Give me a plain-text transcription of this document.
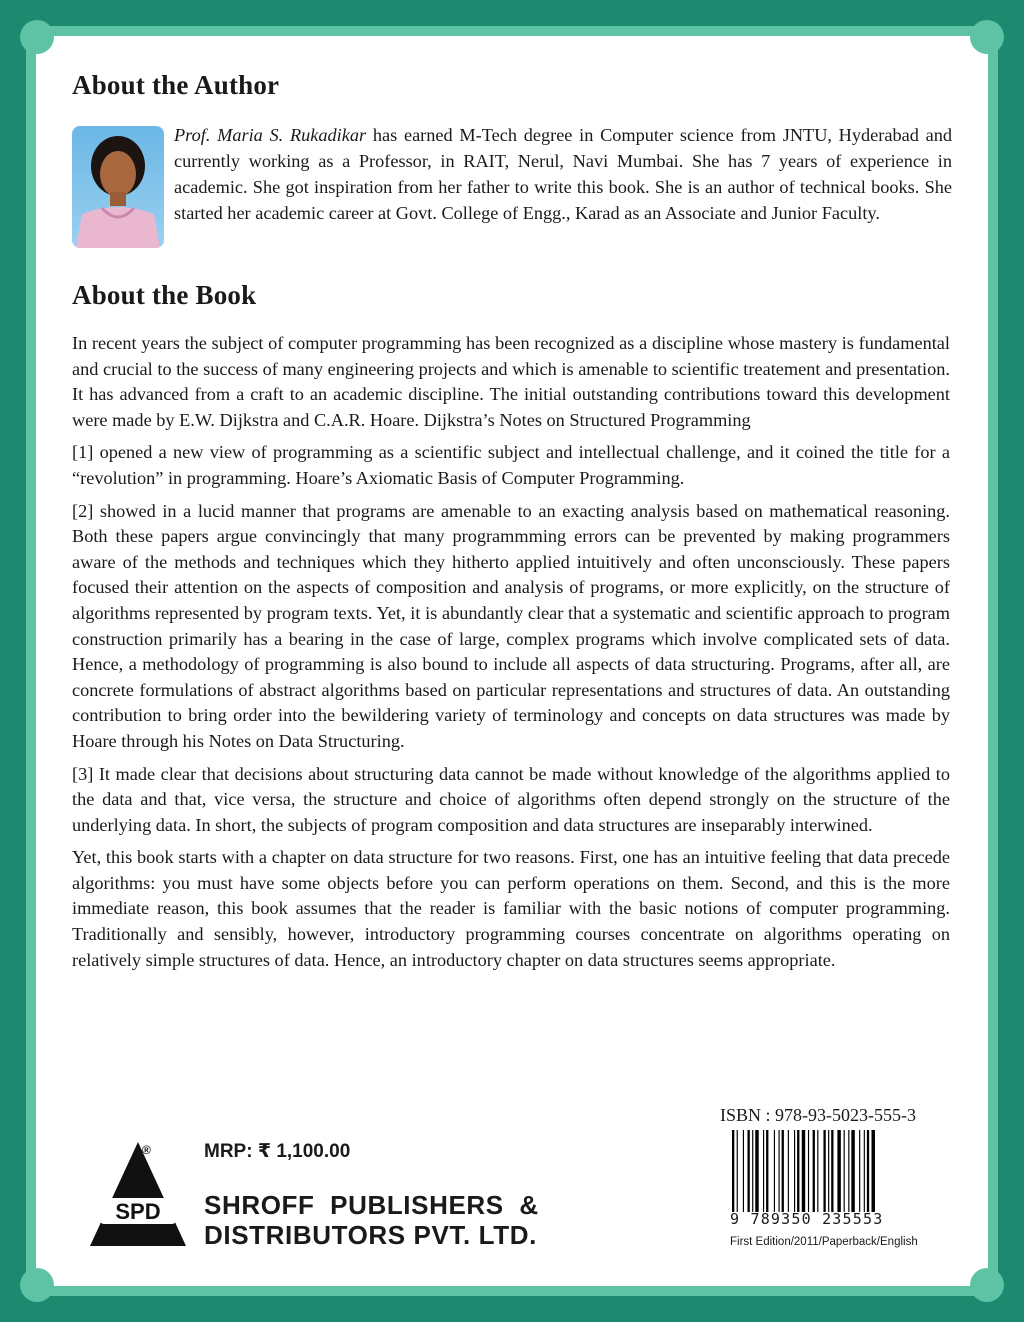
About the Author
Prof. Maria S. Rukadikar has earned M-Tech degree in Computer science from JNTU, Hyderabad and currently working as a Professor, in RAIT, Nerul, Navi Mumbai. She has 7 years of experience in academic. She got inspiration from her father to write this book. She is an author of technical books. She started her academic career at Govt. College of Engg., Karad as an Associate and Junior Faculty.
About the Book

In recent years the subject of computer programming has been recognized as a discipline whose mastery is fundamental and crucial to the success of many engineering projects and which is amenable to scientific treatement and presentation. It has advanced from a craft to an academic discipline. The initial outstanding contributions toward this development were made by E.W. Dijkstra and C.A.R. Hoare. Dijkstra’s Notes on Structured Programming

[1] opened a new view of programming as a scientific subject and intellectual challenge, and it coined the title for a “revolution” in programming. Hoare’s Axiomatic Basis of Computer Programming.

[2] showed in a lucid manner that programs are amenable to an exacting analysis based on mathematical reasoning. Both these papers argue convincingly that many programmming errors can be prevented by making programmers aware of the methods and techniques which they hitherto applied intuitively and often unconsciously. These papers focused their attention on the aspects of composition and analysis of programs, or more explicitly, on the structure of algorithms represented by program texts. Yet, it is abundantly clear that a systematic and scientific approach to program construction primarily has a bearing in the case of large, complex programs which involve complicated sets of data. Hence, a methodology of programming is also bound to include all aspects of data structuring. Programs, after all, are concrete formulations of abstract algorithms based on particular representations and structures of data. An outstanding contribution to bring order into the bewildering variety of terminology and concepts on data structures was made by Hoare through his Notes on Data Structuring.

[3] It made clear that decisions about structuring data cannot be made without knowledge of the algorithms applied to the data and that, vice versa, the structure and choice of algorithms often depend strongly on the structure of the underlying data. In short, the subjects of program composition and data structures are inseparably interwined.

Yet, this book starts with a chapter on data structure for two reasons. First, one has an intuitive feeling that data precede algorithms: you must have some objects before you can perform operations on them. Second, and this is the more immediate reason, this book assumes that the reader is familiar with the basic notions of computer programming. Traditionally and sensibly, however, introductory programming courses concentrate on algorithms operating on relatively simple structures of data. Hence, an introductory chapter on data structures seems appropriate.

SPD
®	MRP: ₹ 1,100.00
SHROFF  PUBLISHERS  &
DISTRIBUTORS PVT. LTD.
ISBN : 978-93-5023-555-3
9 789350 235553
First Edition/2011/Paperback/English
